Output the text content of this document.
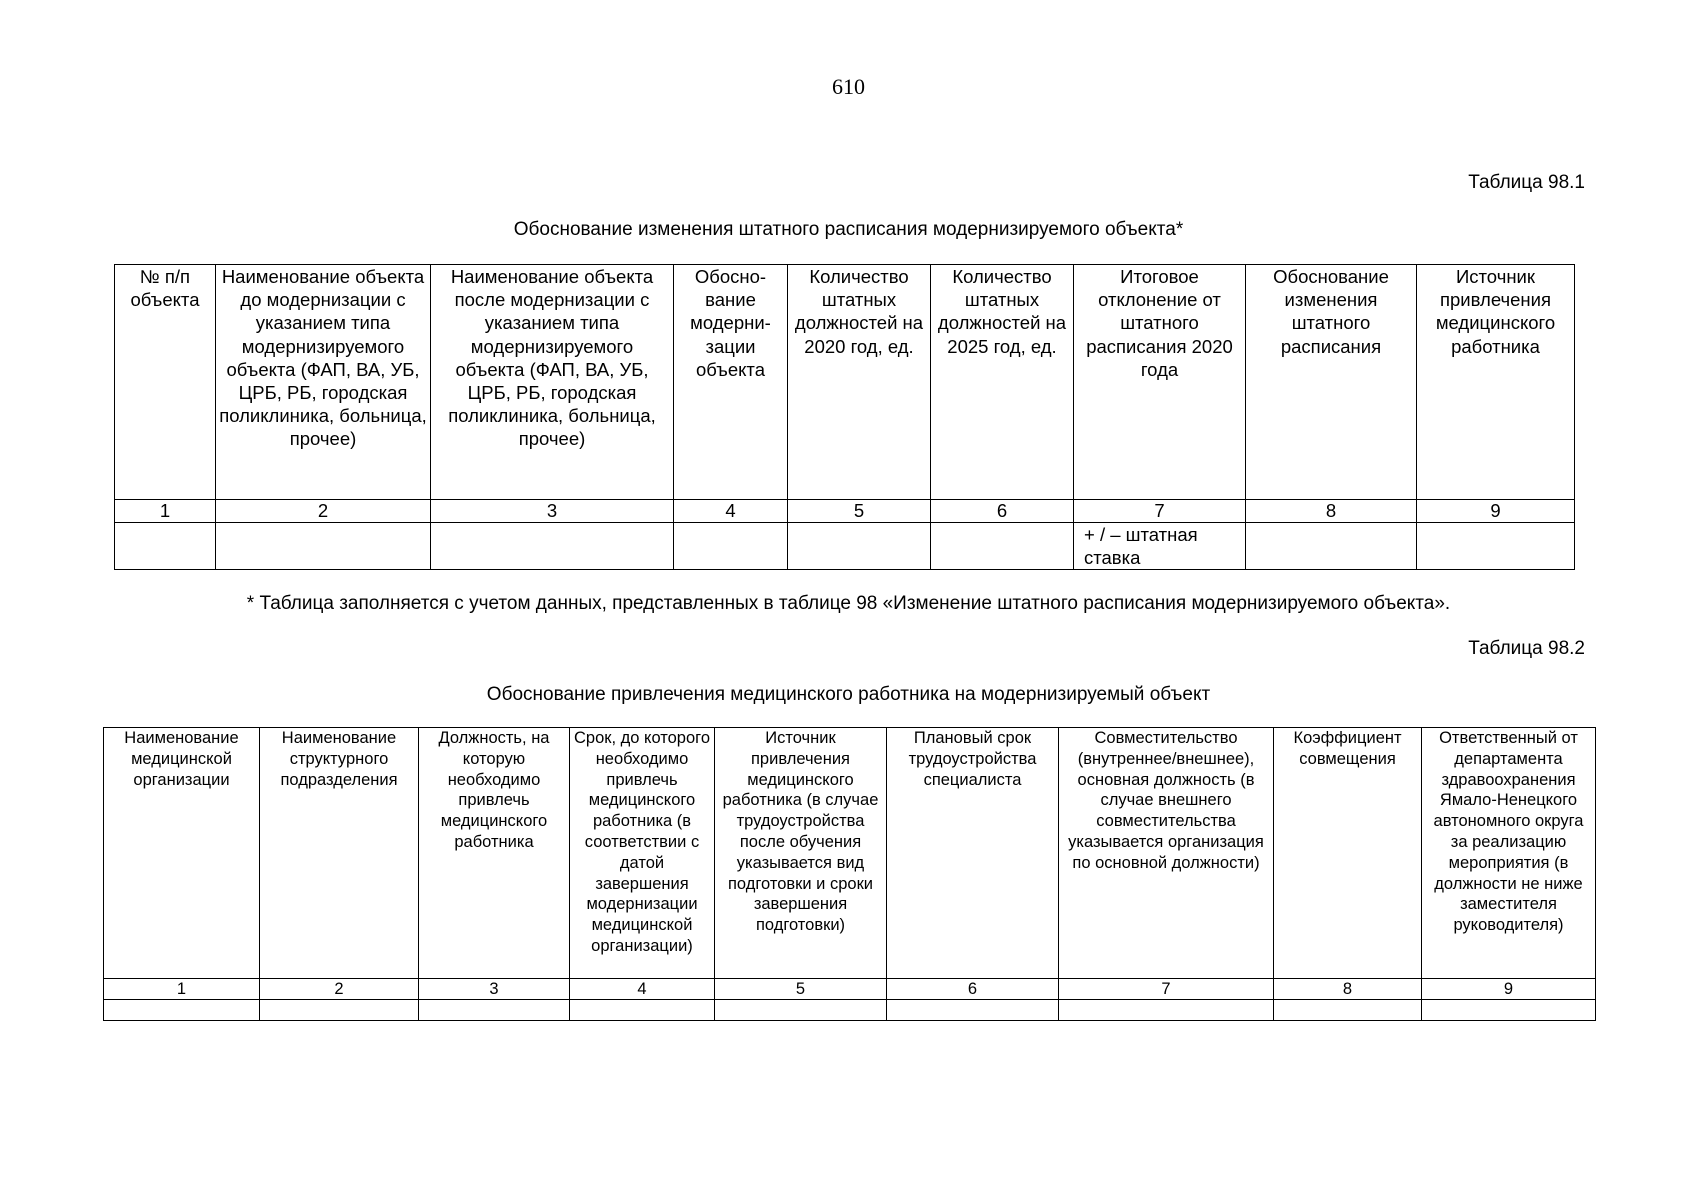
610
Таблица 98.1
Обоснование изменения штатного расписания модернизируемого объекта*
№ п/п объекта	Наименование объекта до модернизации с указанием типа модернизируемого объекта (ФАП, ВА, УБ, ЦРБ, РБ, городская поликлиника, больница, прочее)	Наименование объекта после модернизации с указанием типа модернизируемого объекта (ФАП, ВА, УБ, ЦРБ, РБ, городская поликлиника, больница, прочее)	Обосно-вание модерни-зации объекта	Количество штатных должностей на 2020 год, ед.	Количество штатных должностей на 2025 год, ед.	Итоговое отклонение от штатного расписания 2020 года	Обоснование изменения штатного расписания	Источник привлечения медицинского работника
1	2	3	4	5	6	7	8	9
						+ / – штатная ставка		
* Таблица заполняется с учетом данных, представленных в таблице 98 «Изменение штатного расписания модернизируемого объекта».
Таблица 98.2
Обоснование привлечения медицинского работника на модернизируемый объект
Наименование медицинской организации	Наименование структурного подразделения	Должность, на которую необходимо привлечь медицинского работника	Срок, до которого необходимо привлечь медицинского работника (в соответствии с датой завершения модернизации медицинской организации)	Источник привлечения медицинского работника (в случае трудоустройства после обучения указывается вид подготовки и сроки завершения подготовки)	Плановый срок трудоустройства специалиста	Совместительство (внутреннее/внешнее), основная должность (в случае внешнего совместительства указывается организация по основной должности)	Коэффициент совмещения	Ответственный от департамента здравоохранения Ямало-Ненецкого автономного округа за реализацию мероприятия (в должности не ниже заместителя руководителя)
1	2	3	4	5	6	7	8	9
